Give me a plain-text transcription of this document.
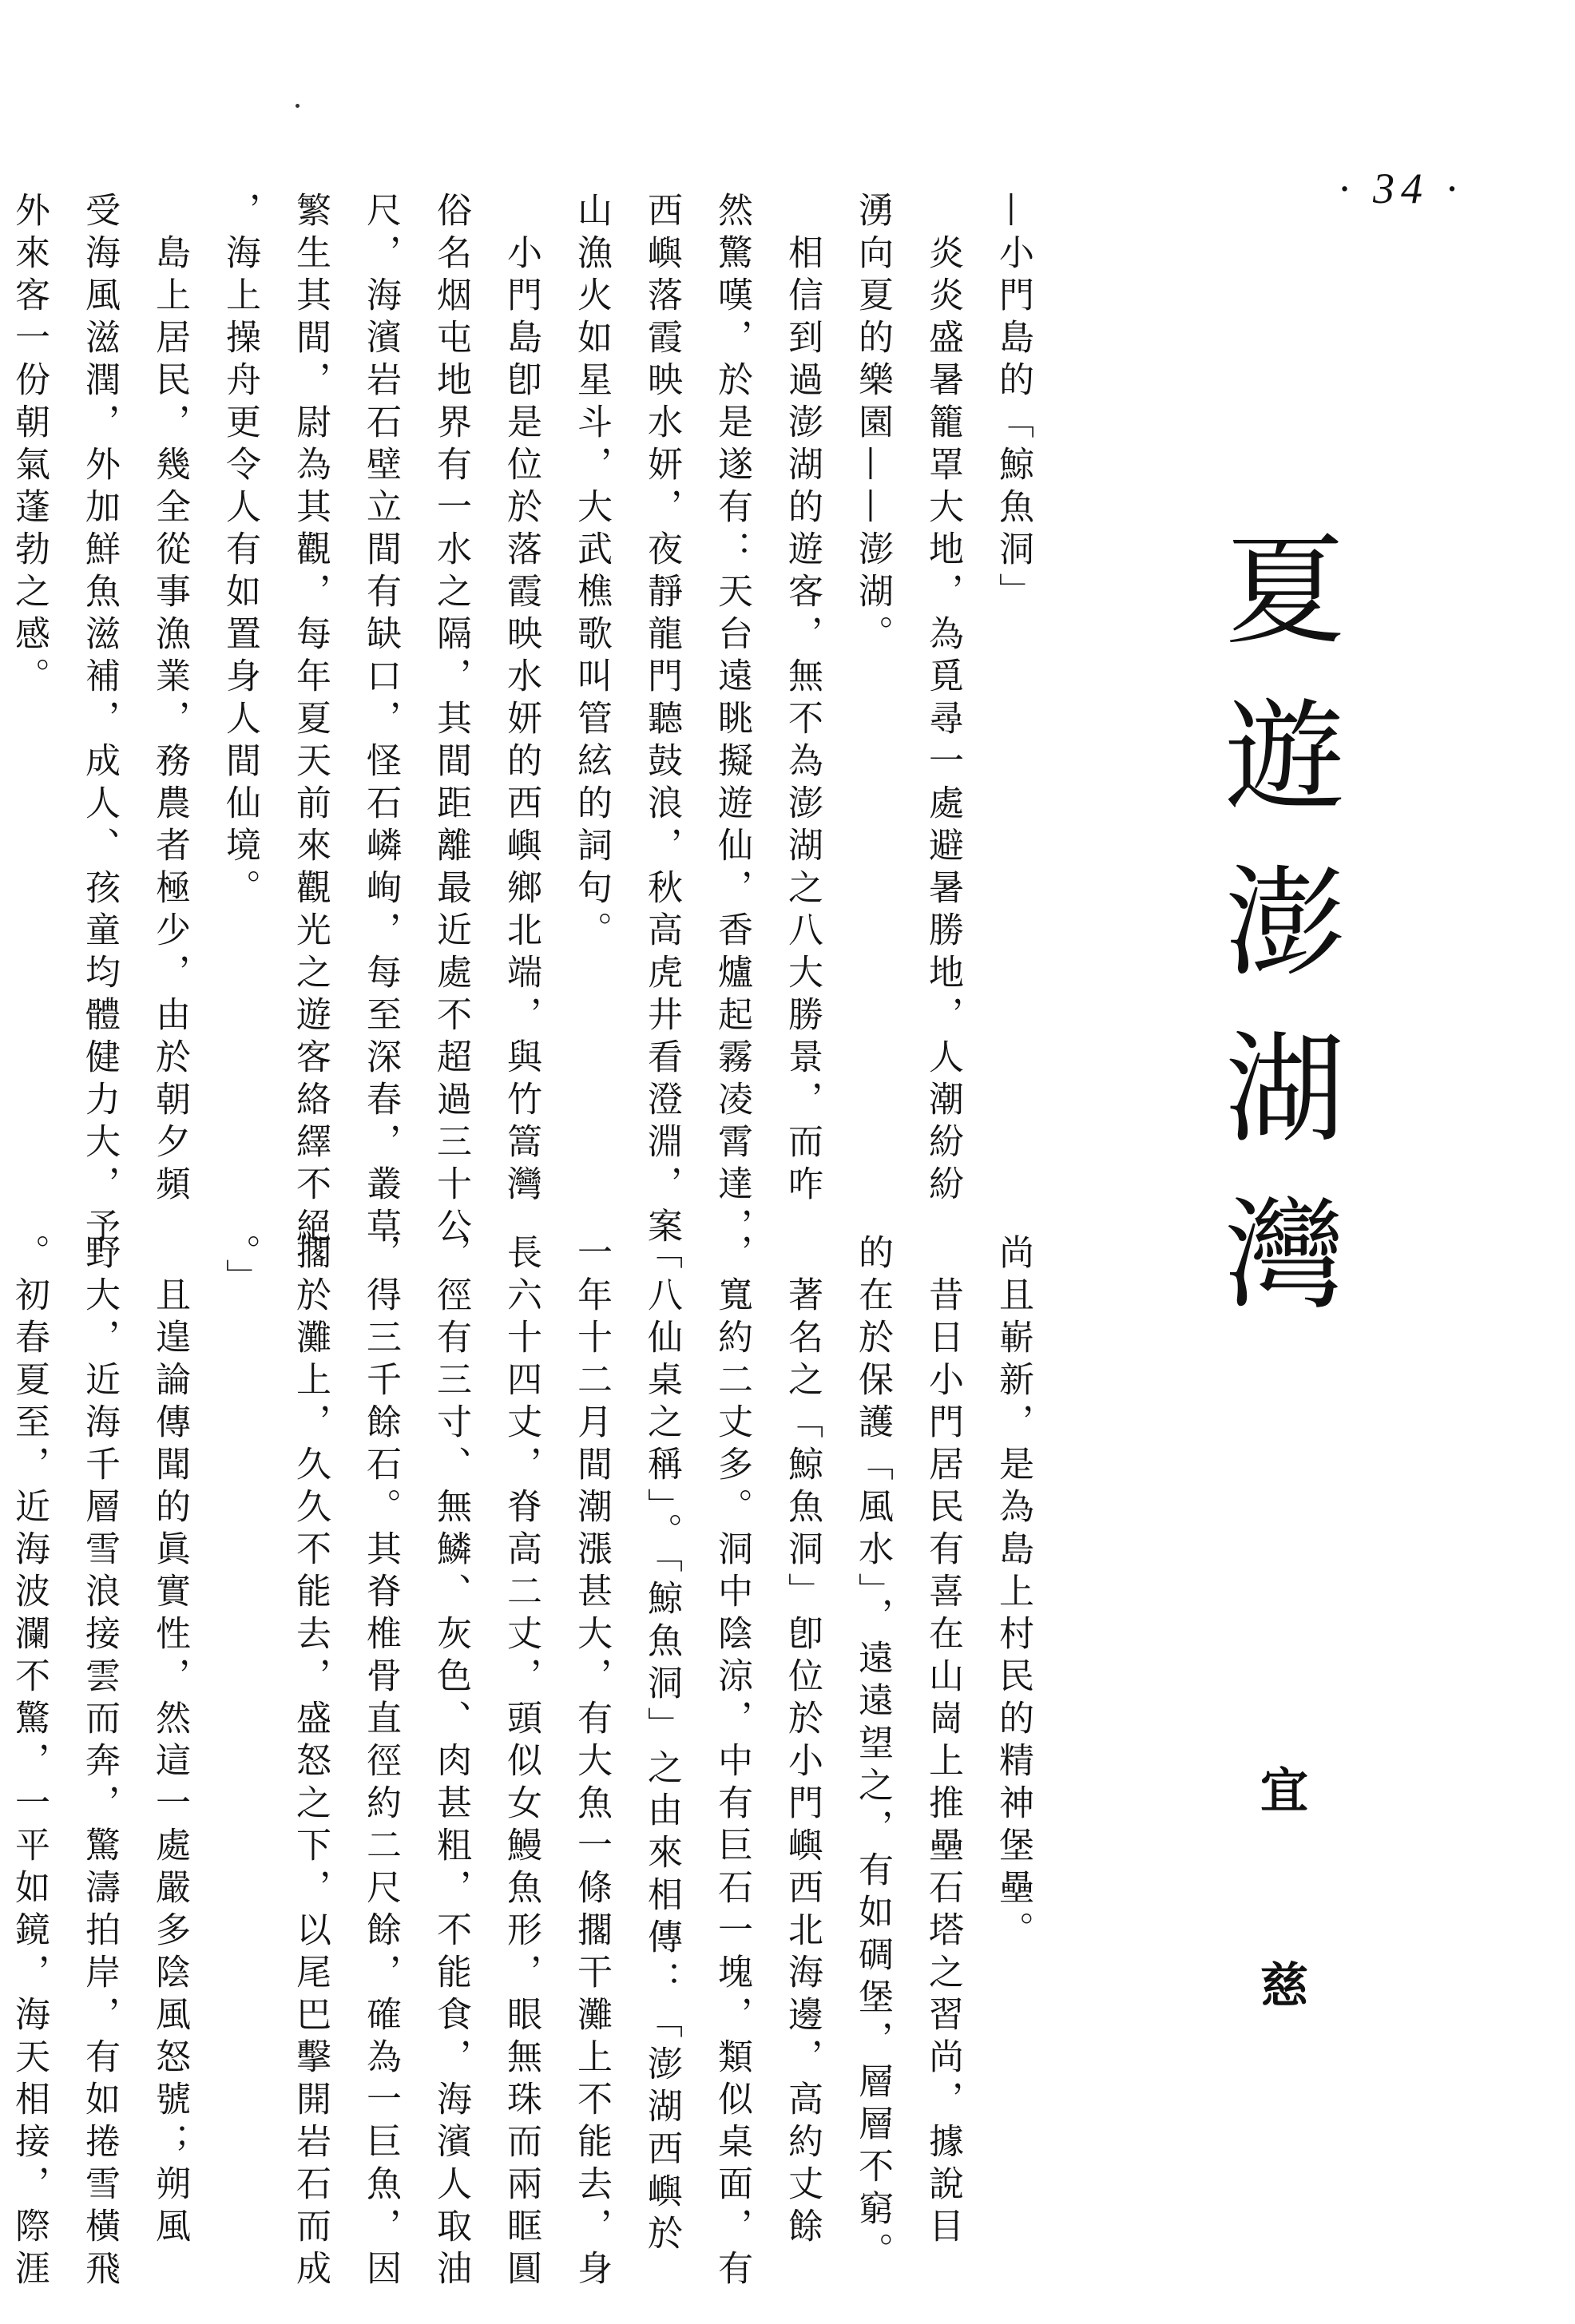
· 34 ·
夏遊澎湖灣
宜　慈

—小門島的「鯨魚洞」

　炎炎盛暑籠罩大地，為覓尋一處避暑勝地，人潮紛紛

湧向夏的樂園——澎湖。

　相信到過澎湖的遊客，無不為澎湖之八大勝景，而咋

然驚嘆，於是遂有：天台遠眺擬遊仙，香爐起霧凌霄達，

西嶼落霞映水妍，夜靜龍門聽鼓浪，秋高虎井看澄淵，案

山漁火如星斗，大武樵歌叫管絃的詞句。

　小門島卽是位於落霞映水妍的西嶼鄉北端，與竹篙灣

俗名烟屯地界有一水之隔，其間距離最近處不超過三十公

尺，海濱岩石壁立間有缺口，怪石嶙峋，每至深春，叢草

繁生其間，尉為其觀，每年夏天前來觀光之遊客絡繹不絕

，海上操舟更令人有如置身人間仙境。

　島上居民，幾全從事漁業，務農者極少，由於朝夕頻

受海風滋潤，外加鮮魚滋補，成人、孩童均體健力大，予

外來客一份朝氣蓬勃之感。

尚且嶄新，是為島上村民的精神堡壘。

　昔日小門居民有喜在山崗上推壘石塔之習尚，據說目

的在於保護「風水」，遠遠望之，有如碉堡，層層不窮。

　著名之「鯨魚洞」卽位於小門嶼西北海邊，高約丈餘

，寬約二丈多。洞中陰涼，中有巨石一塊，類似桌面，有

「八仙桌之稱」。「鯨魚洞」之由來相傳：「澎湖西嶼於

一年十二月間潮漲甚大，有大魚一條擱干灘上不能去，身

長六十四丈，脊高二丈，頭似女鰻魚形，眼無珠而兩眶圓

，徑有三寸、無鱗、灰色、肉甚粗，不能食，海濱人取油

，得三千餘石。其脊椎骨直徑約二尺餘，確為一巨魚，因

擱於灘上，久久不能去，盛怒之下，以尾巴擊開岩石而成

。」

　且遑論傳聞的眞實性，然這一處嚴多陰風怒號；朔風

野大，近海千層雪浪接雲而奔，驚濤拍岸，有如捲雪橫飛

。初春夏至，近海波瀾不驚，一平如鏡，海天相接，際涯
